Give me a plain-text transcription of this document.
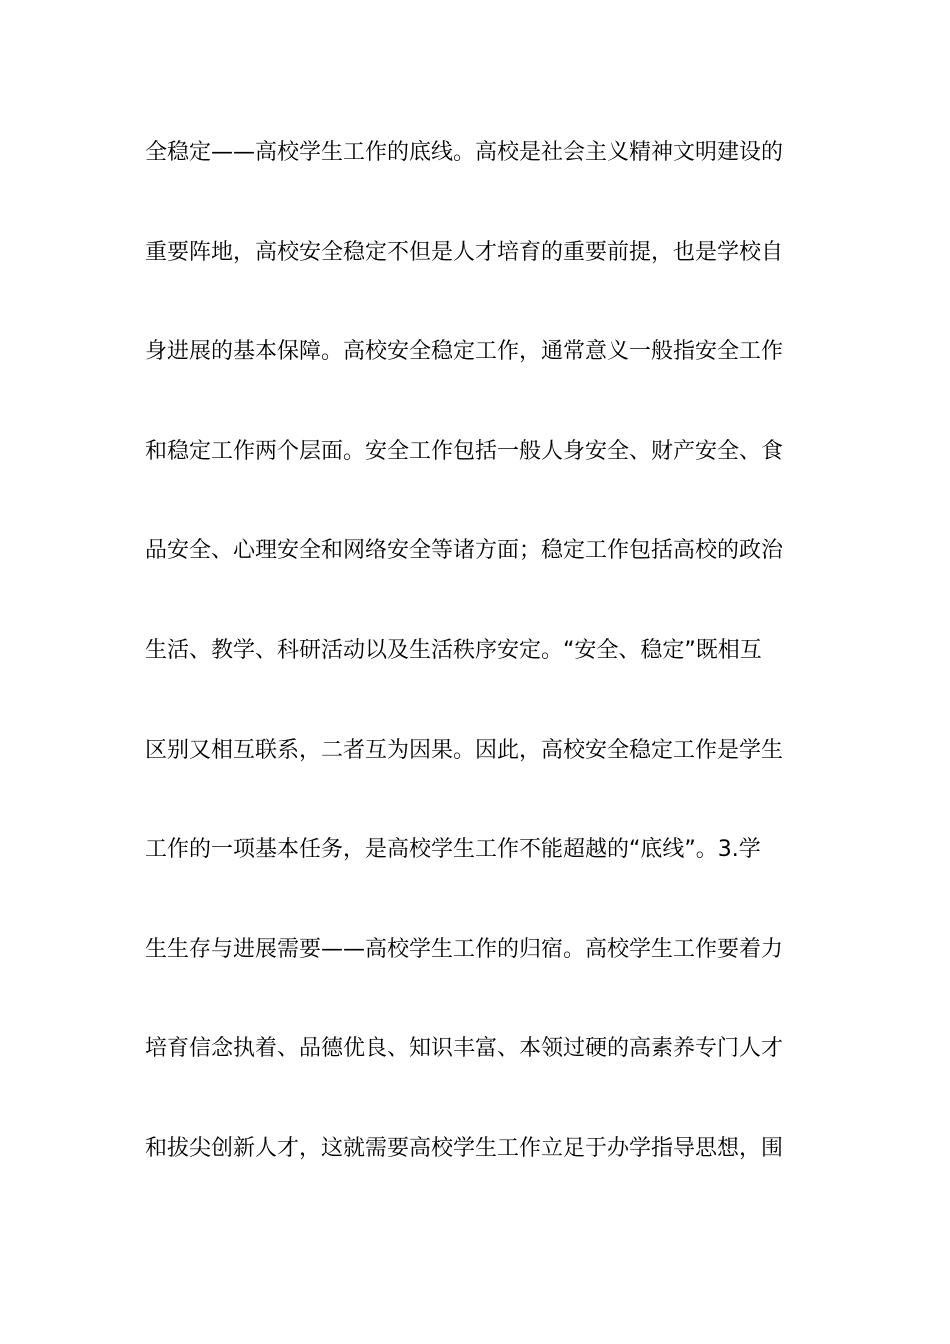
全稳定——高校学生工作的底线。高校是社会主义精神文明建设的
重要阵地，高校安全稳定不但是人才培育的重要前提，也是学校自
身进展的基本保障。高校安全稳定工作，通常意义一般指安全工作
和稳定工作两个层面。安全工作包括一般人身安全、财产安全、食
品安全、心理安全和网络安全等诸方面；稳定工作包括高校的政治
生活、教学、科研活动以及生活秩序安定。“安全、稳定”既相互
区别又相互联系，二者互为因果。因此，高校安全稳定工作是学生
工作的一项基本任务，是高校学生工作不能超越的“底线”。3.学
生生存与进展需要——高校学生工作的归宿。高校学生工作要着力
培育信念执着、品德优良、知识丰富、本领过硬的高素养专门人才
和拔尖创新人才，这就需要高校学生工作立足于办学指导思想，围
